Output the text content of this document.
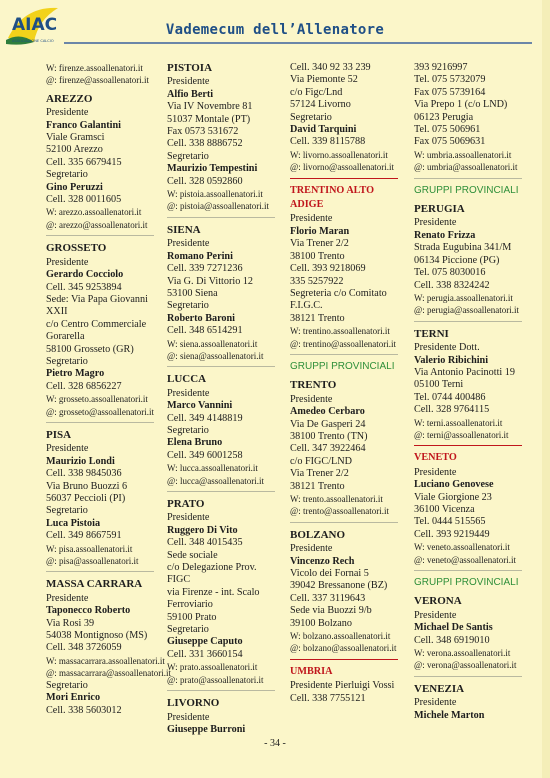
AIAC
ASSOCIAZIONE CALCIO
Vademecum dell’Allenatore
W: firenze.assoallenatori.it
@: firenze@assoallenatori.it
AREZZO
Presidente
Franco Galantini
Viale Gramsci
52100 Arezzo
Cell. 335 6679415
Segretario
Gino Peruzzi
Cell. 328 0011605
W: arezzo.assoallenatori.it
@: arezzo@assoallenatori.it
GROSSETO
Presidente
Gerardo Cocciolo
Cell. 345 9253894
Sede: Via Papa Giovanni
XXII
c/o Centro Commerciale
Gorarella
58100 Grosseto (GR)
Segretario
Pietro Magro
Cell. 328 6856227
W: grosseto.assoallenatori.it
@: grosseto@assoallenatori.it
PISA
Presidente
Maurizio Londi
Cell. 338 9845036
Via Bruno Buozzi 6
56037 Peccioli (PI)
Segretario
Luca Pistoia
Cell. 349 8667591
W: pisa.assoallenatori.it
@: pisa@assoallenatori.it
MASSA CARRARA
Presidente
Taponecco Roberto
Via Rosi 39
54038 Montignoso (MS)
Cell. 348 3726059
W: massacarrara.assoallenatori.it
@: massacarrara@assoallenatori.it
Segretario
Mori Enrico
Cell. 338 5603012
PISTOIA
Presidente
Alfio Berti
Via IV Novembre 81
51037 Montale (PT)
Fax 0573 531672
Cell. 338 8886752
Segretario
Maurizio Tempestini
Cell. 328 0592860
W: pistoia.assoallenatori.it
@: pistoia@assoallenatori.it
SIENA
Presidente
Romano Perini
Cell. 339 7271236
Via G. Di Vittorio 12
53100 Siena
Segretario
Roberto Baroni
Cell. 348 6514291
W: siena.assoallenatori.it
@: siena@assoallenatori.it
LUCCA
Presidente
Marco Vannini
Cell. 349 4148819
Segretario
Elena Bruno
Cell. 349 6001258
W: lucca.assoallenatori.it
@: lucca@assoallenatori.it
PRATO
Presidente
Ruggero Di Vito
Cell. 348 4015435
Sede sociale
c/o Delegazione Prov.
FIGC
via Firenze - int. Scalo
Ferroviario
59100 Prato
Segretario
Giuseppe Caputo
Cell. 331 3660154
W: prato.assoallenatori.it
@: prato@assoallenatori.it
LIVORNO
Presidente
Giuseppe Burroni
Cell. 340 92 33 239
Via Piemonte 52
c/o Figc/Lnd
57124 Livorno
Segretario
David Tarquini
Cell. 339 8115788
W: livorno.assoallenatori.it
@: livorno@assoallenatori.it
TRENTINO ALTO
ADIGE
Presidente
Florio Maran
Via Trener 2/2
38100 Trento
Cell. 393 9218069
335 5257922
Segreteria c/o Comitato
F.I.G.C.
38121 Trento
W: trentino.assoallenatori.it
@: trentino@assoallenatori.it
GRUPPI PROVINCIALI
TRENTO
Presidente
Amedeo Cerbaro
Via De Gasperi 24
38100 Trento (TN)
Cell. 347 3922464
c/o FIGC/LND
Via Trener 2/2
38121 Trento
W: trento.assoallenatori.it
@: trento@assoallenatori.it
BOLZANO
Presidente
Vincenzo Rech
Vicolo dei Fornai 5
39042 Bressanone (BZ)
Cell. 337 3119643
Sede via Buozzi 9/b
39100 Bolzano
W: bolzano.assoallenatori.it
@: bolzano@assoallenatori.it
UMBRIA
Presidente Pierluigi Vossi
Cell. 338 7755121
393 9216997
Tel. 075 5732079
Fax 075 5739164
Via Prepo 1 (c/o LND)
06123 Perugia
Tel. 075 506961
Fax 075 5069631
W: umbria.assoallenatori.it
@: umbria@assoallenatori.it
GRUPPI PROVINCIALI
PERUGIA
Presidente
Renato Frizza
Strada Eugubina 341/M
06134 Piccione (PG)
Tel. 075 8030016
Cell. 338 8324242
W: perugia.assoallenatori.it
@: perugia@assoallenatori.it
TERNI
Presidente Dott.
Valerio Ribichini
Via Antonio Pacinotti 19
05100 Terni
Tel. 0744 400486
Cell. 328 9764115
W: terni.assoallenatori.it
@: terni@assoallenatori.it
VENETO
Presidente
Luciano Genovese
Viale Giorgione 23
36100 Vicenza
Tel. 0444 515565
Cell. 393 9219449
W: veneto.assoallenatori.it
@: veneto@assoallenatori.it
GRUPPI PROVINCIALI
VERONA
Presidente
Michael De Santis
Cell. 348 6919010
W: verona.assoallenatori.it
@: verona@assoallenatori.it
VENEZIA
Presidente
Michele Marton
- 34 -
